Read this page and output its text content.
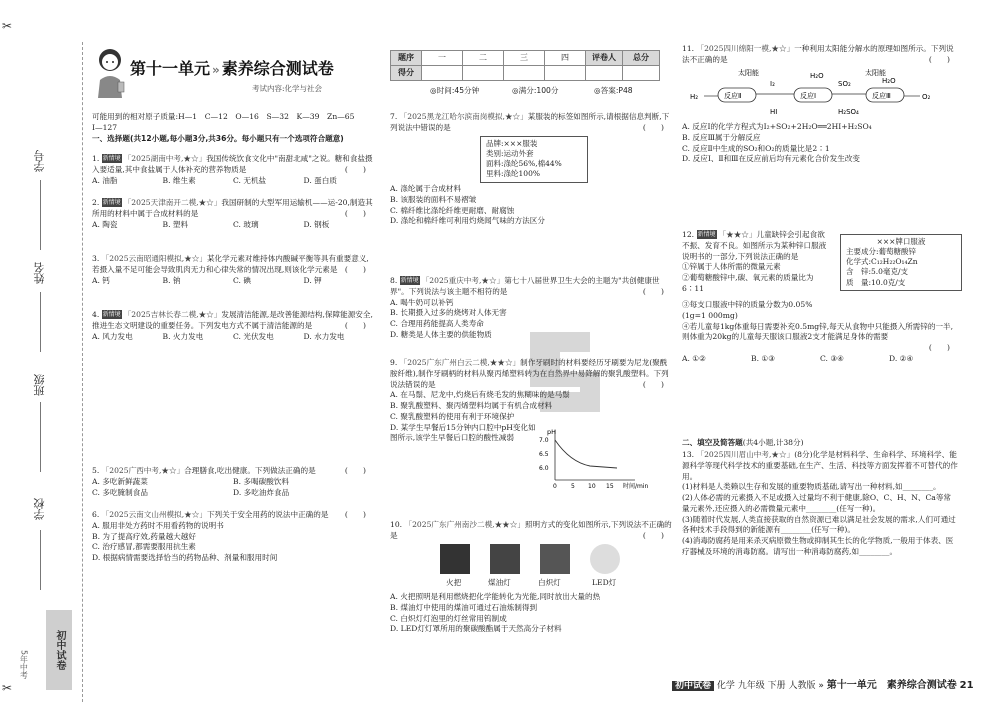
✂
✂
学号
姓名
班级
学校
初中试卷
5年中考
第十一单元 » 素养综合测试卷
考试内容:化学与社会
题序	一	二	三	四	评卷人	总分
得分						
◎时间:45分钟	◎满分:100分	◎答案:P48

可能用到的相对原子质量:H—1　C—12　O—16　S—32　K—39　Zn—65

I—127

一、选择题(共12小题,每小题3分,共36分。每小题只有一个选项符合题意)

1. 新情境 「2025湖南中考,★☆」我国传统饮食文化中"南甜北咸"之说。糖和食盐摄入要适量,其中食盐属于人体补充的营养物质是	(　　)

A. 油脂	B. 维生素	C. 无机盐	D. 蛋白质

2. 新情境 「2025天津南开二模,★☆」我国研制的大型军用运输机——运-20,制造其所用的材料中属于合成材料的是	(　　)

A. 陶瓷	B. 塑料	C. 玻璃	D. 钢板

3. 「2025云南昭通阳模拟,★☆」某化学元素对维持体内酸碱平衡等具有重要意义,若摄入量不足可能会导致肌肉无力和心律失常的情况出现,则该化学元素是 (　　)

A. 钙	B. 钠	C. 碘	D. 钾

4. 新情境 「2025吉林长春二模,★☆」发展清洁能源,是改善能源结构,保障能源安全,推进生态文明建设的重要任务。下列发电方式不属于清洁能源的是	(　　)

A. 风力发电	B. 火力发电	C. 光伏发电	D. 水力发电

5. 「2025广西中考,★☆」合理膳食,吃出健康。下列做法正确的是	(　　)

A. 多吃新鲜蔬菜	B. 多喝碳酸饮料
C. 多吃腌制食品	D. 多吃油炸食品

6. 「2025云南文山州模拟,★☆」下列关于安全用药的说法中正确的是 (　　)

A. 服用非处方药时不用看药物的说明书

B. 为了提高疗效,药量越大越好

C. 治疗感冒,都需要服用抗生素

D. 根据病情需要选择恰当的药物品种、剂量和服用时间

7. 「2025黑龙江哈尔滨南岗模拟,★☆」某服装的标签如图所示,请根据信息判断,下列说法中错误的是	(　　)

品牌:×××服装
类别:运动外套
面料:涤纶56%,棉44%
里料:涤纶100%

A. 涤纶属于合成材料

B. 该服装的面料不易褶皱

C. 棉纤维比涤纶纤维更耐磨、耐腐蚀

D. 涤纶和棉纤维可利用灼烧闻气味的方法区分

8. 新情境 「2025重庆中考,★☆」第七十八届世界卫生大会的主题为"共创健康世界"。下列说法与该主题不相符的是	(　　)

A. 喝牛奶可以补钙

B. 长期摄入过多的烧烤对人体无害

C. 合理用药能提高人类寿命

D. 糖类是人体主要的供能物质

9. 「2025广东广州白云二模,★★☆」制作牙刷时的材料要经历牙刷要为尼龙(聚酰胺纤维),制作牙刷柄的材料从聚丙烯塑料转为在自然界中易降解的聚乳酸塑料。下列说法错误的是	(　　)

A. 在马鬃、尼龙中,灼烧后有烧毛发的焦糊味的是马鬃

B. 聚乳酸塑料、聚丙烯塑料均属于有机合成材料

C. 聚乳酸塑料的使用有利于环境保护

D. 某学生早餐后15分钟内口腔中pH变化如图所示,该学生早餐后口腔的酸性减弱

pH
7.0
6.5
6.0
0 5 10 15 时间/min

10. 「2025广东广州南沙二模,★★☆」照明方式的变化如图所示,下列说法不正确的是	(　　)

火把	煤油灯	白炽灯	LED灯

A. 火把照明是利用燃烧把化学能转化为光能,同时放出大量的热

B. 煤油灯中使用的煤油可通过石油炼制得到

C. 白炽灯灯泡里的灯丝常用钨制成

D. LED灯灯罩所用的聚碳酸酯属于天然高分子材料

11. 「2025四川绵阳一模,★☆」一种利用太阳能分解水的原理如图所示。下列说法不正确的是	(　　)

太阳能	太阳能
H₂	反应Ⅱ	反应Ⅰ	反应Ⅲ	O₂
I₂
H₂O
SO₂	H₂O
HI	H₂SO₄

A. 反应Ⅰ的化学方程式为I₂+SO₂+2H₂O══2HI+H₂SO₄

B. 反应Ⅲ属于分解反应

C. 反应Ⅱ中生成的SO₂和O₂的质量比是2∶1

D. 反应Ⅰ、Ⅱ和Ⅲ在反应前后均有元素化合价发生改变

12. 新情境 「★★☆」儿童缺锌会引起食欲不振、发育不良。如图所示为某种锌口服液说明书的一部分,下列说法正确的是

①锌属于人体所需的微量元素

②葡萄糖酸锌中,碳、氧元素的质量比为6∶11

×××牌口服液
主要成分:葡萄糖酸锌
化学式:C₁₂H₂₂O₁₄Zn
含　锌:5.0毫克/支
质　量:10.0克/支

③每支口服液中锌的质量分数为0.05%

(1g=1 000mg)

④若儿童每1kg体重每日需要补充0.5mg锌,每天从食物中只能摄入所需锌的一半,则体重为20kg的儿童每天服该口服液2支才能满足身体的需要

(　　)

A. ①②	B. ①③	C. ③④	D. ②④

二、填空及简答题(共4小题,计38分)

13. 「2025四川眉山中考,★☆」(8分)化学是材料科学、生命科学、环境科学、能源科学等现代科学技术的重要基础,在生产、生活、科技等方面发挥着不可替代的作用。

(1)材料是人类赖以生存和发展的重要物质基础,请写出一种材料,如________。

(2)人体必需的元素摄入不足或摄入过量均不利于健康,除O、C、H、N、Ca等常量元素外,还应摄入的必需微量元素中________(任写一种)。

(3)随着时代发展,人类直接获取的自然资源已难以满足社会发展的需求,人们可通过各种技术手段得到的新能源有________(任写一种)。

(4)消毒防腐药是用来杀灭病原微生物或抑制其生长的化学物质,一般用于体表、医疗器械及环境的消毒防腐。请写出一种消毒防腐药,如________。

初中试卷 化学 九年级 下册 人教版 » 第十一单元　素养综合测试卷 21
